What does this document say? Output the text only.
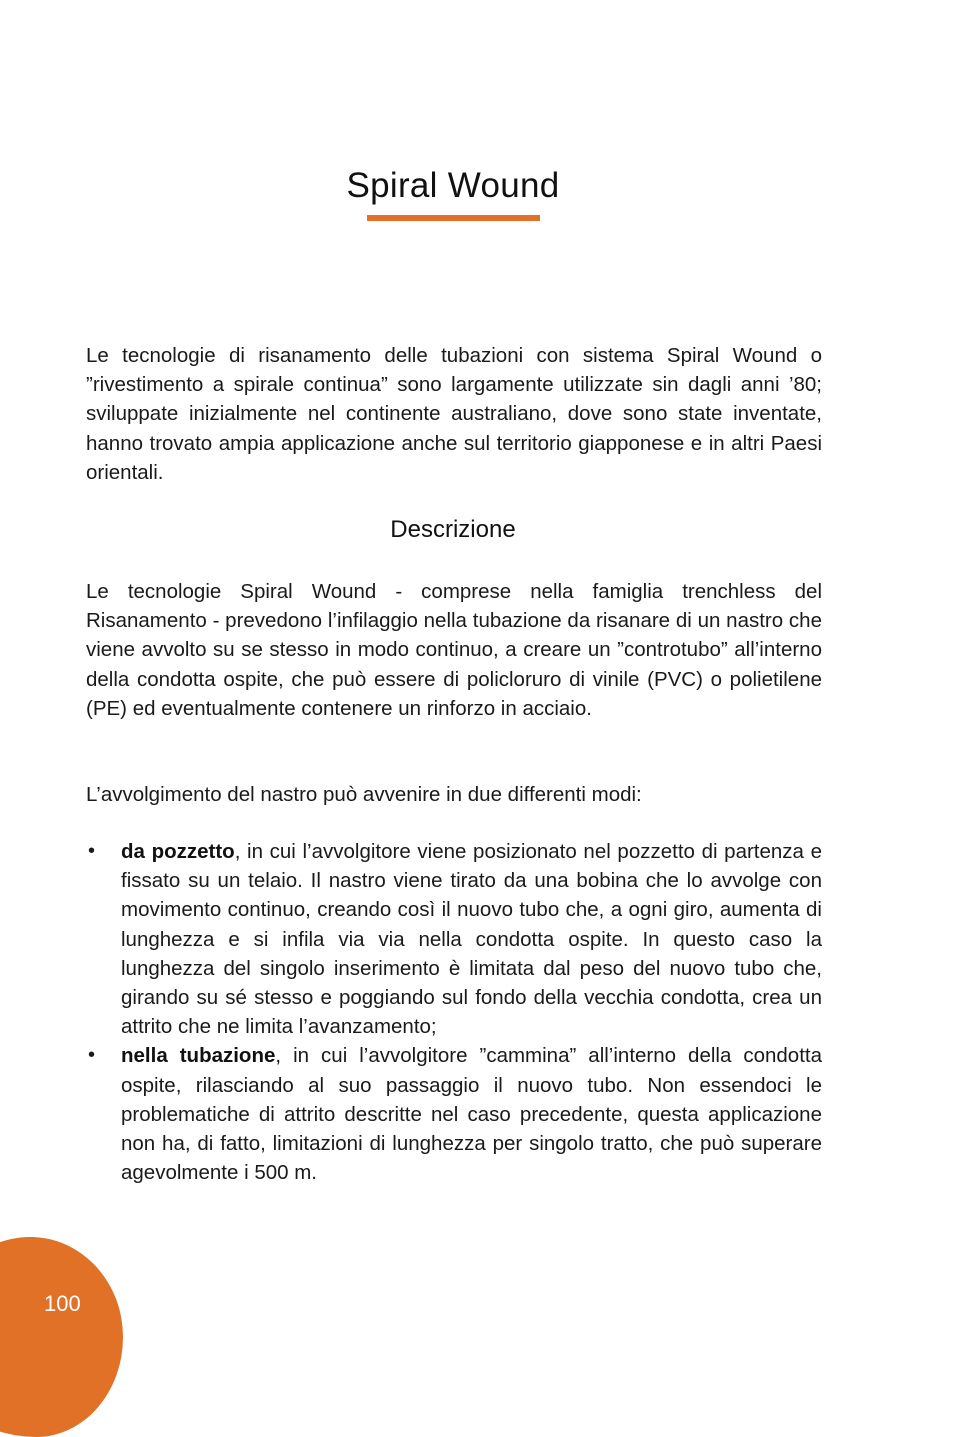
Spiral Wound

Le tecnologie di risanamento delle tubazioni con sistema Spiral Wound o ”rivestimento a spirale continua” sono largamente utilizzate sin dagli anni ’80; sviluppate inizialmente nel continente australiano, dove sono state inventate, hanno trovato ampia applicazione anche sul territorio giapponese e in altri Paesi orientali.

Descrizione

Le tecnologie Spiral Wound - comprese nella famiglia trenchless del Risanamento - prevedono l’infilaggio nella tubazione da risanare di un nastro che viene avvolto su se stesso in modo continuo, a creare un ”controtubo” all’interno della condotta ospite, che può essere di policloruro di vinile (PVC) o polietilene (PE) ed eventualmente contenere un rinforzo in acciaio.

L’avvolgimento del nastro può avvenire in due differenti modi:

• da pozzetto, in cui l’avvolgitore viene posizionato nel pozzetto di partenza e fissato su un telaio. Il nastro viene tirato da una bobina che lo avvolge con movimento continuo, creando così il nuovo tubo che, a ogni giro, aumenta di lunghezza e si infila via via nella condotta ospite. In questo caso la lunghezza del singolo inserimento è limitata dal peso del nuovo tubo che, girando su sé stesso e poggiando sul fondo della vecchia condotta, crea un attrito che ne limita l’avanzamento;
• nella tubazione, in cui l’avvolgitore ”cammina” all’interno della condotta ospite, rilasciando al suo passaggio il nuovo tubo. Non essendoci le problematiche di attrito descritte nel caso precedente, questa applicazione non ha, di fatto, limitazioni di lunghezza per singolo tratto, che può superare agevolmente i 500 m.
100
